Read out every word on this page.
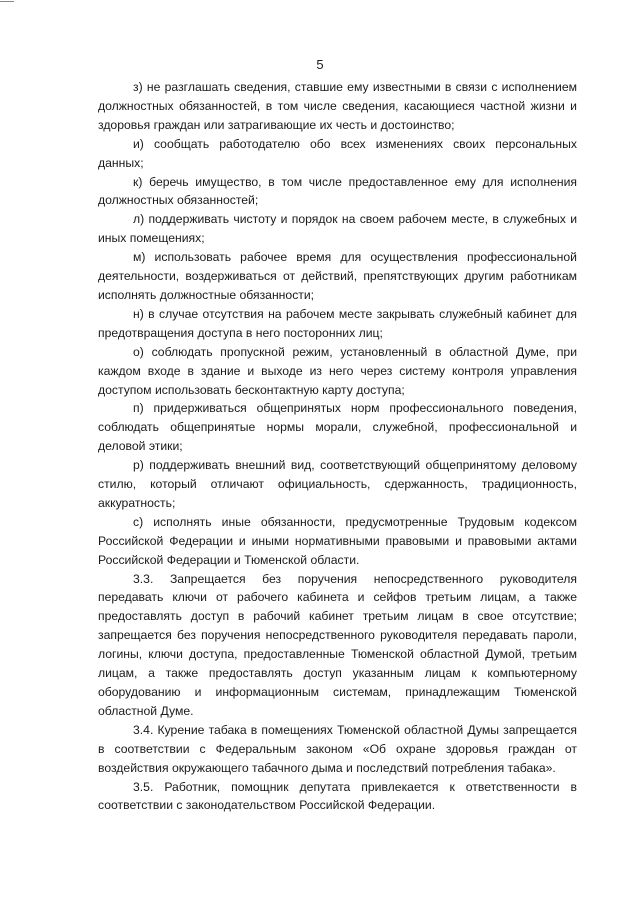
5

з) не разглашать сведения, ставшие ему известными в связи с исполнением должностных обязанностей, в том числе сведения, касающиеся частной жизни и здоровья граждан или затрагивающие их честь и достоинство;

и) сообщать работодателю обо всех изменениях своих персональных данных;

к) беречь имущество, в том числе предоставленное ему для исполнения должностных обязанностей;

л) поддерживать чистоту и порядок на своем рабочем месте, в служебных и иных помещениях;

м) использовать рабочее время для осуществления профессиональной деятельности, воздерживаться от действий, препятствующих другим работникам исполнять должностные обязанности;

н) в случае отсутствия на рабочем месте закрывать служебный кабинет для предотвращения доступа в него посторонних лиц;

о) соблюдать пропускной режим, установленный в областной Думе, при каждом входе в здание и выходе из него через систему контроля управления доступом использовать бесконтактную карту доступа;

п) придерживаться общепринятых норм профессионального поведения, соблюдать общепринятые нормы морали, служебной, профессиональной и деловой этики;

р) поддерживать внешний вид, соответствующий общепринятому деловому стилю, который отличают официальность, сдержанность, традиционность, аккуратность;

с) исполнять иные обязанности, предусмотренные Трудовым кодексом Российской Федерации и иными нормативными правовыми и правовыми актами Российской Федерации и Тюменской области.

3.3. Запрещается без поручения непосредственного руководителя передавать ключи от рабочего кабинета и сейфов третьим лицам, а также предоставлять доступ в рабочий кабинет третьим лицам в свое отсутствие; запрещается без поручения непосредственного руководителя передавать пароли, логины, ключи доступа, предоставленные Тюменской областной Думой, третьим лицам, а также предоставлять доступ указанным лицам к компьютерному оборудованию и информационным системам, принадлежащим Тюменской областной Думе.

3.4. Курение табака в помещениях Тюменской областной Думы запрещается в соответствии с Федеральным законом «Об охране здоровья граждан от воздействия окружающего табачного дыма и последствий потребления табака».

3.5. Работник, помощник депутата привлекается к ответственности в соответствии с законодательством Российской Федерации.
